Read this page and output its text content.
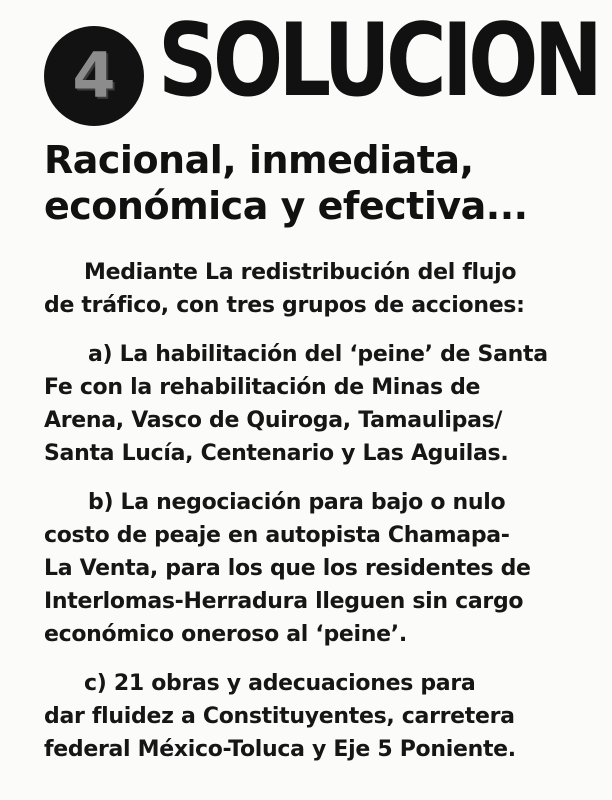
4 SOLUCION
Racional, inmediata,
económica y efectiva...
Mediante La redistribución del flujo
de tráfico, con tres grupos de acciones:
a) La habilitación del ‘peine’ de Santa
Fe con la rehabilitación de Minas de
Arena, Vasco de Quiroga, Tamaulipas/
Santa Lucía, Centenario y Las Aguilas.
b) La negociación para bajo o nulo
costo de peaje en autopista Chamapa-
La Venta, para los que los residentes de
Interlomas-Herradura lleguen sin cargo
económico oneroso al ‘peine’.
c) 21 obras y adecuaciones para
dar fluidez a Constituyentes, carretera
federal México-Toluca y Eje 5 Poniente.
